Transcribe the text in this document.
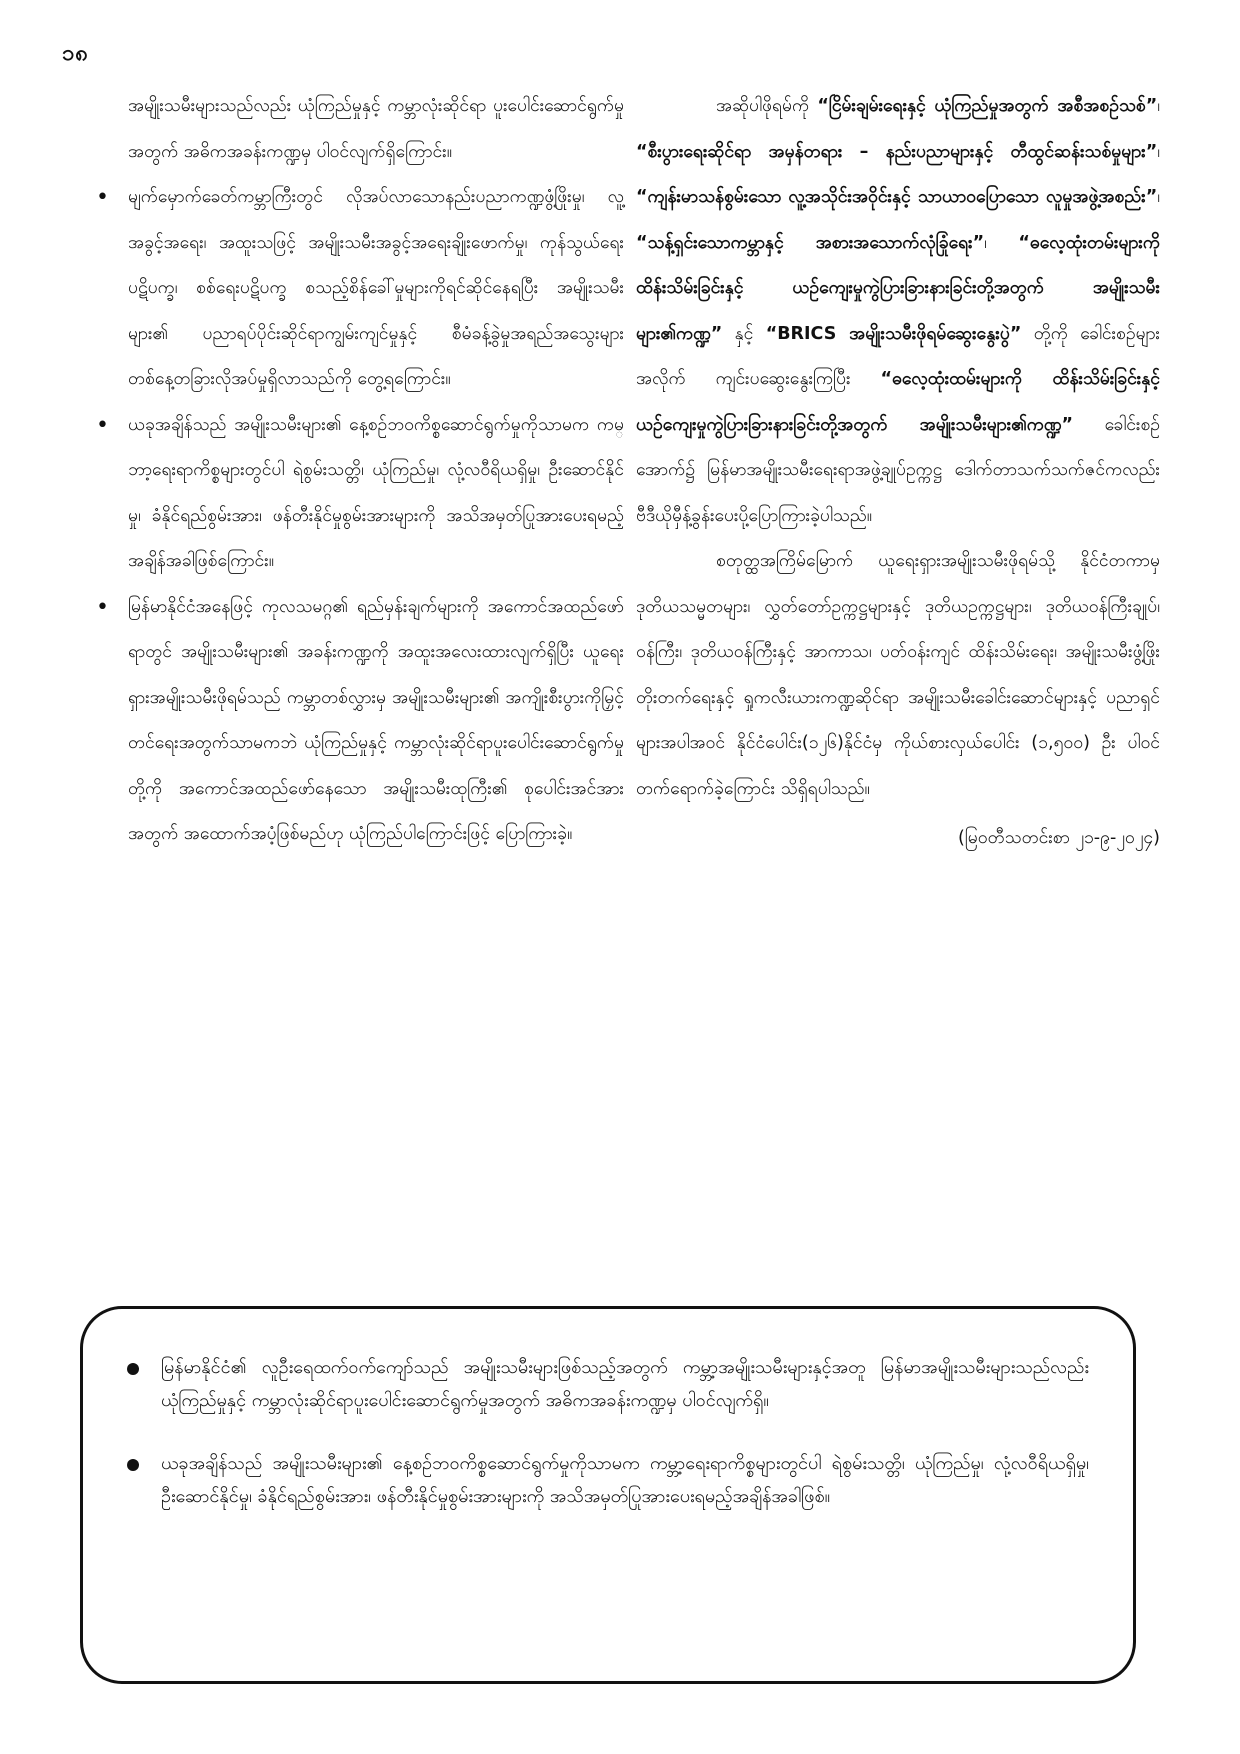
၁၈

အမျိုးသမီးများသည်လည်း ယုံကြည်မှုနှင့် ကမ္ဘာလုံးဆိုင်ရာ ပူးပေါင်းဆောင်ရွက်မှုအတွက် အဓိကအခန်းကဏ္ဍမှ ပါဝင်လျက်ရှိကြောင်း။

• မျက်မှောက်ခေတ်ကမ္ဘာကြီးတွင် လိုအပ်လာသောနည်းပညာကဏ္ဍဖွံ့ဖြိုးမှု၊ လူ့အခွင့်အရေး၊ အထူးသဖြင့် အမျိုးသမီးအခွင့်အရေးချိုးဖောက်မှု၊ ကုန်သွယ်ရေးပဋိပက္ခ၊ စစ်ရေးပဋိပက္ခ စသည့်စိန်ခေါ်မှုများကိုရင်ဆိုင်နေရပြီး အမျိုးသမီးများ၏ ပညာရပ်ပိုင်းဆိုင်ရာကျွမ်းကျင်မှုနှင့် စီမံခန့်ခွဲမှုအရည်အသွေးများ တစ်နေ့တခြားလိုအပ်မှုရှိလာသည်ကို တွေ့ရကြောင်း။
• ယခုအချိန်သည် အမျိုးသမီးများ၏ နေ့စဉ်ဘဝကိစ္စဆောင်ရွက်မှုကိုသာမက ကမ္ဘာ့ရေးရာကိစ္စများတွင်ပါ ရဲစွမ်းသတ္တိ၊ ယုံကြည်မှု၊ လုံ့လဝီရိယရှိမှု၊ ဦးဆောင်နိုင်မှု၊ ခံနိုင်ရည်စွမ်းအား၊ ဖန်တီးနိုင်မှုစွမ်းအားများကို အသိအမှတ်ပြုအားပေးရမည့်အချိန်အခါဖြစ်ကြောင်း။
• မြန်မာနိုင်ငံအနေဖြင့် ကုလသမဂ္ဂ၏ ရည်မှန်းချက်များကို အကောင်အထည်ဖော်ရာတွင် အမျိုးသမီးများ၏ အခန်းကဏ္ဍကို အထူးအလေးထားလျက်ရှိပြီး ယူရေးရှားအမျိုးသမီးဖိုရမ်သည် ကမ္ဘာတစ်လွှားမှ အမျိုးသမီးများ၏ အကျိုးစီးပွားကိုမြှင့်တင်ရေးအတွက်သာမကဘဲ ယုံကြည်မှုနှင့် ကမ္ဘာလုံးဆိုင်ရာပူးပေါင်းဆောင်ရွက်မှုတို့ကို အကောင်အထည်ဖော်နေသော အမျိုးသမီးထုကြီး၏ စုပေါင်းအင်အားအတွက် အထောက်အပံ့ဖြစ်မည်ဟု ယုံကြည်ပါကြောင်းဖြင့် ပြောကြားခဲ့။

အဆိုပါဖိုရမ်ကို “ငြိမ်းချမ်းရေးနှင့် ယုံကြည်မှုအတွက် အစီအစဉ်သစ်”၊ “စီးပွားရေးဆိုင်ရာ အမှန်တရား – နည်းပညာများနှင့် တီထွင်ဆန်းသစ်မှုများ”၊ “ကျန်းမာသန်စွမ်းသော လူ့အသိုင်းအဝိုင်းနှင့် သာယာဝပြောသော လူမှုအဖွဲ့အစည်း”၊ “သန့်ရှင်းသောကမ္ဘာနှင့် အစားအသောက်လုံခြုံရေး”၊ “ဓလေ့ထုံးတမ်းများကို ထိန်းသိမ်းခြင်းနှင့် ယဉ်ကျေးမှုကွဲပြားခြားနားခြင်းတို့အတွက် အမျိုးသမီးများ၏ကဏ္ဍ” နှင့် “BRICS အမျိုးသမီးဖိုရမ်ဆွေးနွေးပွဲ” တို့ကို ခေါင်းစဉ်များအလိုက် ကျင်းပဆွေးနွေးကြပြီး “ဓလေ့ထုံးထမ်းများကို ထိန်းသိမ်းခြင်းနှင့် ယဉ်ကျေးမှုကွဲပြားခြားနားခြင်းတို့အတွက် အမျိုးသမီးများ၏ကဏ္ဍ” ခေါင်းစဉ်အောက်၌ မြန်မာအမျိုးသမီးရေးရာအဖွဲ့ချုပ်ဥက္ကဋ္ဌ ဒေါက်တာသက်သက်ဇင်ကလည်း ဗီဒီယိုမှီန့်ခွန်းပေးပို့ပြောကြားခဲ့ပါသည်။

စတုတ္ထအကြိမ်မြောက် ယူရေးရှားအမျိုးသမီးဖိုရမ်သို့ နိုင်ငံတကာမှ ဒုတိယသမ္မတများ၊ လွှတ်တော်ဥက္ကဋ္ဌများနှင့် ဒုတိယဥက္ကဋ္ဌများ၊ ဒုတိယဝန်ကြီးချုပ်၊ ဝန်ကြီး၊ ဒုတိယဝန်ကြီးနှင့် အာကာသ၊ ပတ်ဝန်းကျင် ထိန်းသိမ်းရေး၊ အမျိုးသမီးဖွံ့ဖြိုးတိုးတက်ရေးနှင့် ရှုကလီးယားကဏ္ဍဆိုင်ရာ အမျိုးသမီးခေါင်းဆောင်များနှင့် ပညာရှင်များအပါအဝင် နိုင်ငံပေါင်း(၁၂၆)နိုင်ငံမှ ကိုယ်စားလှယ်ပေါင်း (၁,၅၀၀) ဦး ပါဝင်တက်ရောက်ခဲ့ကြောင်း သိရှိရပါသည်။

(မြဝတီသတင်းစာ ၂၁-၉-၂၀၂၄)

မြန်မာနိုင်ငံ၏ လူဦးရေထက်ဝက်ကျော်သည် အမျိုးသမီးများဖြစ်သည့်အတွက် ကမ္ဘာ့အမျိုးသမီးများနှင့်အတူ မြန်မာအမျိုးသမီးများသည်လည်း ယုံကြည်မှုနှင့် ကမ္ဘာလုံးဆိုင်ရာပူးပေါင်းဆောင်ရွက်မှုအတွက် အဓိကအခန်းကဏ္ဍမှ ပါဝင်လျက်ရှိ။
ယခုအချိန်သည် အမျိုးသမီးများ၏ နေ့စဉ်ဘဝကိစ္စဆောင်ရွက်မှုကိုသာမက ကမ္ဘာ့ရေးရာကိစ္စများတွင်ပါ ရဲစွမ်းသတ္တိ၊ ယုံကြည်မှု၊ လုံ့လဝီရိယရှိမှု၊ ဦးဆောင်နိုင်မှု၊ ခံနိုင်ရည်စွမ်းအား၊ ဖန်တီးနိုင်မှုစွမ်းအားများကို အသိအမှတ်ပြုအားပေးရမည့်အချိန်အခါဖြစ်။
